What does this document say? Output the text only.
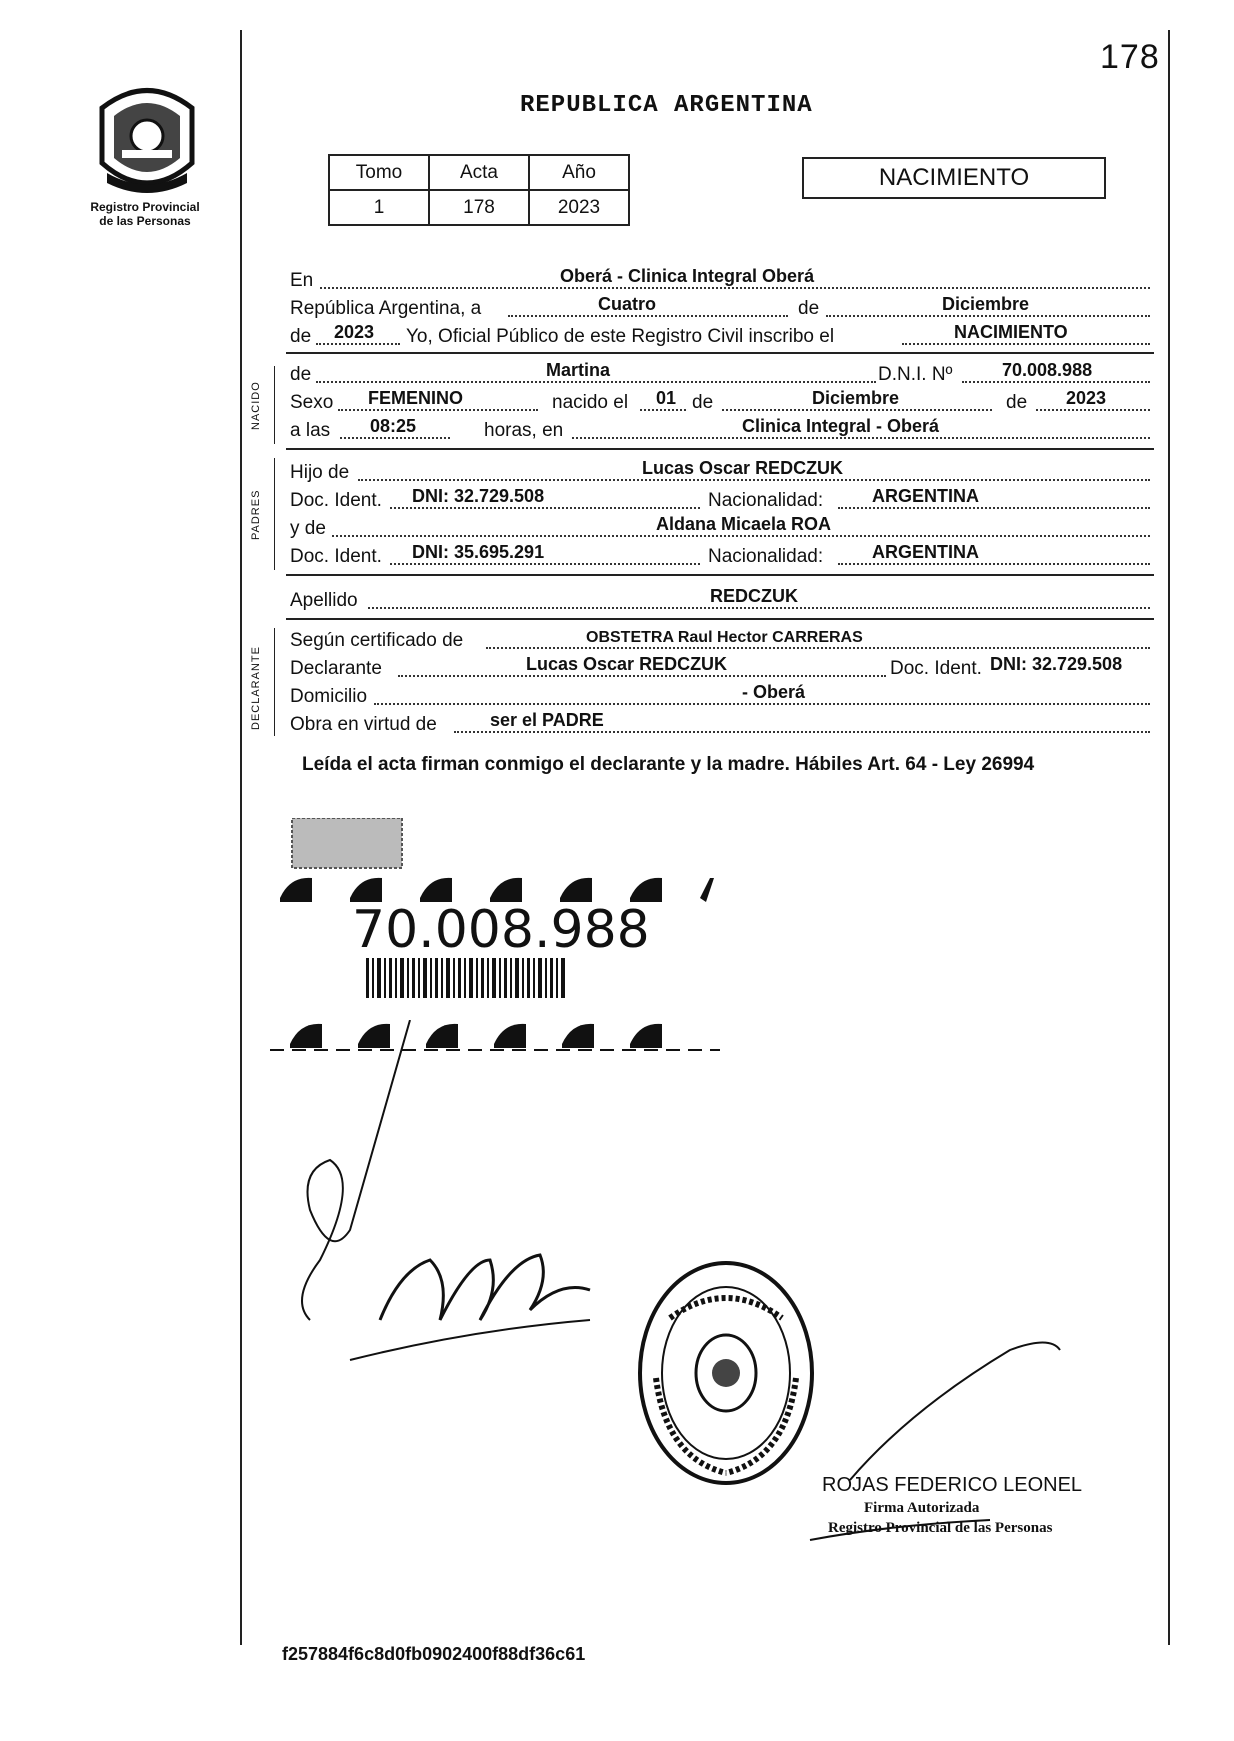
178
Registro Provincial
de las Personas
REPUBLICA ARGENTINA
Tomo	Acta	Año
1	178	2023
NACIMIENTO
En	Oberá - Clinica Integral Oberá
República Argentina, a	Cuatro	de	Diciembre
de 2023 Yo, Oficial Público de este Registro Civil inscribo el	NACIMIENTO
NACIDO
de	Martina	D.N.I. Nº	70.008.988
Sexo FEMENINO	nacido el 01 de	Diciembre	de 2023
a las 08:25	horas, en	Clinica Integral - Oberá
PADRES
Hijo de	Lucas Oscar REDCZUK
Doc. Ident. DNI: 32.729.508	Nacionalidad:	ARGENTINA
y de	Aldana Micaela ROA
Doc. Ident. DNI: 35.695.291	Nacionalidad:	ARGENTINA
Apellido	REDCZUK
DECLARANTE
Según certificado de	OBSTETRA Raul Hector CARRERAS
Declarante	Lucas Oscar REDCZUK	Doc. Ident. DNI: 32.729.508
Domicilio	- Oberá
Obra en virtud de	ser el PADRE
Leída el acta firman conmigo el declarante y la madre. Hábiles Art. 64 - Ley 26994
70.008.988
ROJAS FEDERICO LEONEL
Firma Autorizada
Registro Provincial de las Personas
f257884f6c8d0fb0902400f88df36c61
